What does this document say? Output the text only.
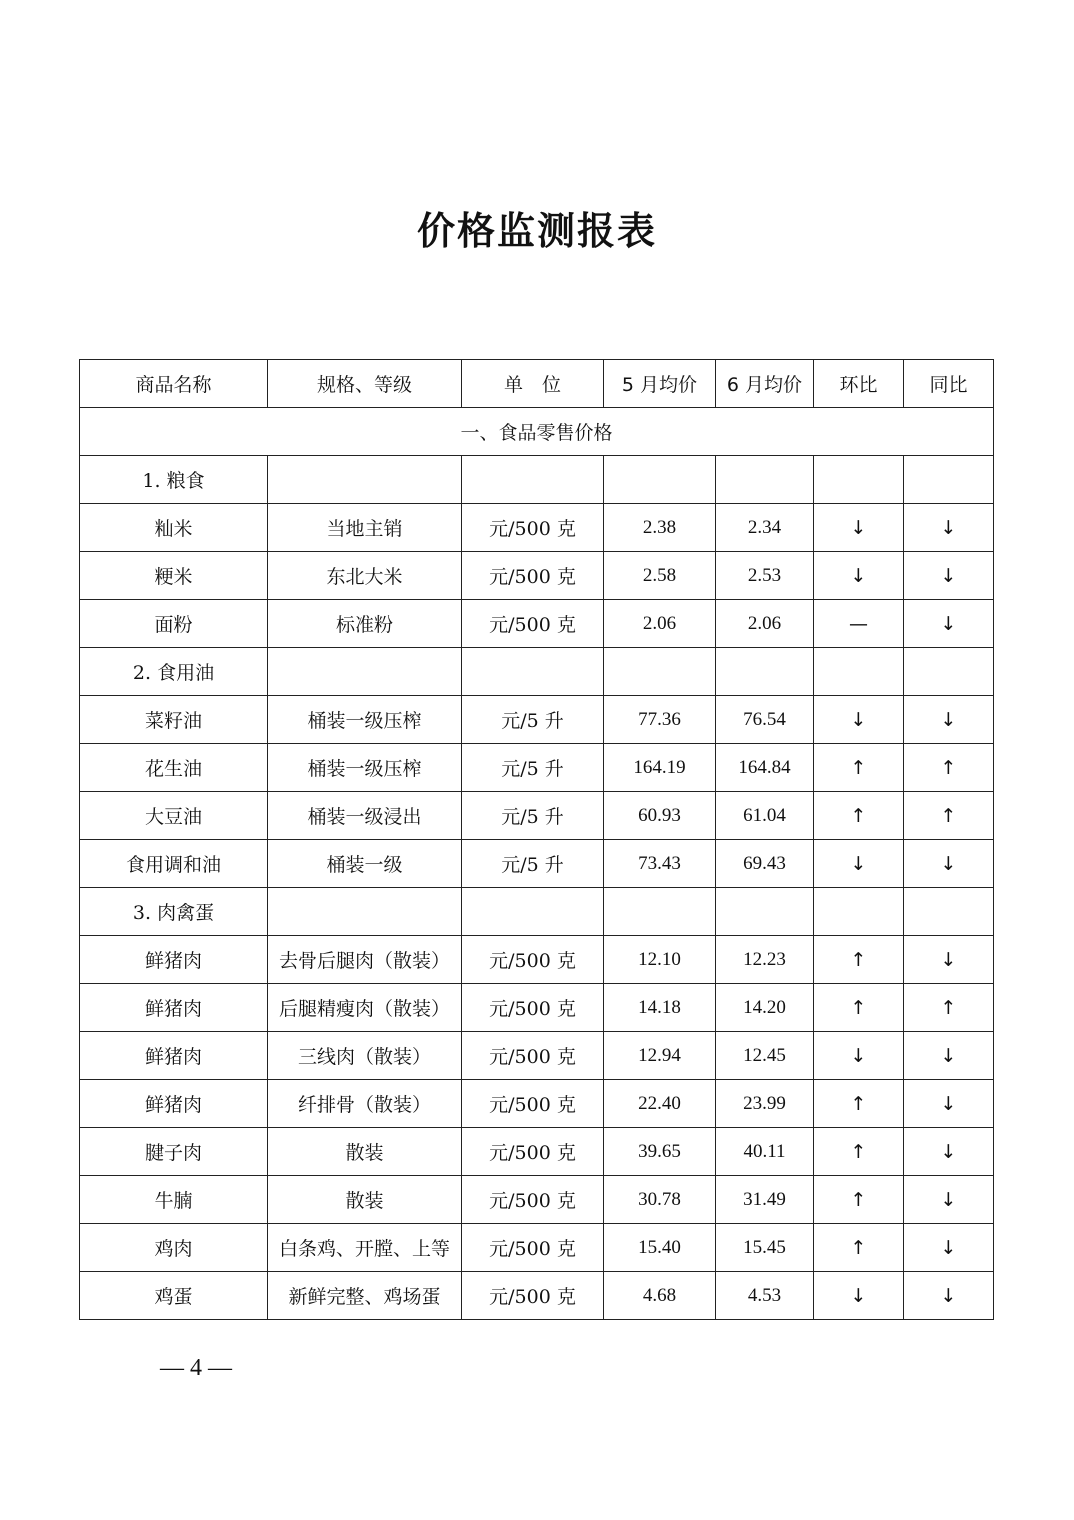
价格监测报表
商品名称	规格、等级	单　位	5 月均价	6 月均价	环比	同比
一、食品零售价格						
1. 粮食						
籼米	当地主销	元/500 克	2.38	2.34	↓	↓
粳米	东北大米	元/500 克	2.58	2.53	↓	↓
面粉	标准粉	元/500 克	2.06	2.06	—	↓
2. 食用油						
菜籽油	桶装一级压榨	元/5 升	77.36	76.54	↓	↓
花生油	桶装一级压榨	元/5 升	164.19	164.84	↑	↑
大豆油	桶装一级浸出	元/5 升	60.93	61.04	↑	↑
食用调和油	桶装一级	元/5 升	73.43	69.43	↓	↓
3. 肉禽蛋						
鲜猪肉	去骨后腿肉（散装）	元/500 克	12.10	12.23	↑	↓
鲜猪肉	后腿精瘦肉（散装）	元/500 克	14.18	14.20	↑	↑
鲜猪肉	三线肉（散装）	元/500 克	12.94	12.45	↓	↓
鲜猪肉	纤排骨（散装）	元/500 克	22.40	23.99	↑	↓
腱子肉	散装	元/500 克	39.65	40.11	↑	↓
牛腩	散装	元/500 克	30.78	31.49	↑	↓
鸡肉	白条鸡、开膛、上等	元/500 克	15.40	15.45	↑	↓
鸡蛋	新鲜完整、鸡场蛋	元/500 克	4.68	4.53	↓	↓
— 4 —
